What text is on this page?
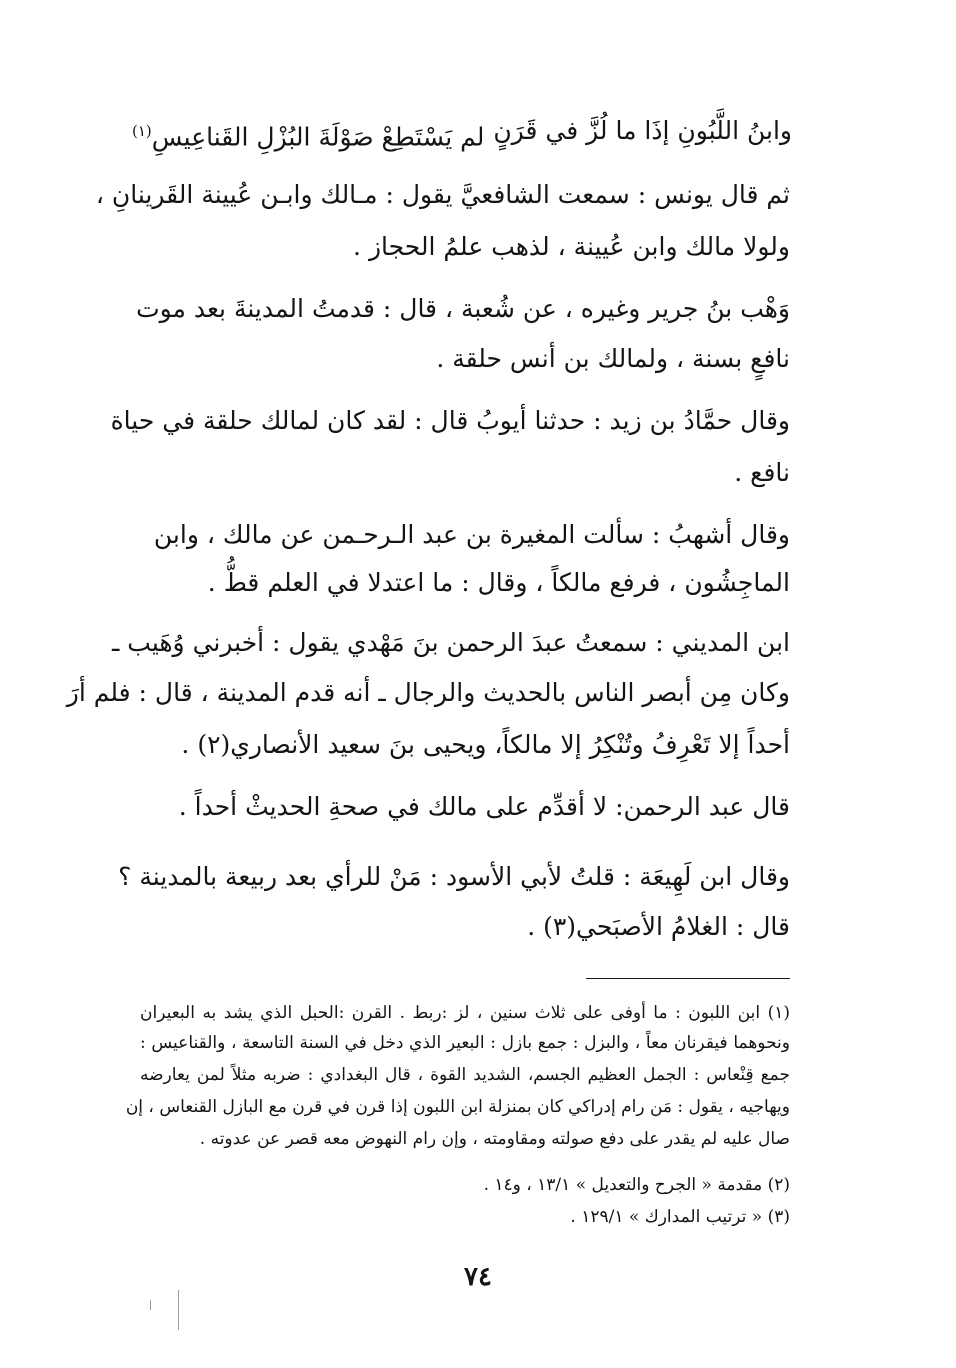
وابنُ اللَّبُونِ إذَا ما لُزَّ في قَرَنٍ
لم يَسْتَطِعْ صَوْلَةَ البُزْلِ القَناعِيسِ$^{(١)}$
ثم قال يونس : سمعت الشافعيَّ يقول : مـالك وابـن عُيينة القَرينانِ ،
ولولا مالك وابن عُيينة ، لذهب علمُ الحجاز .
وَهْب بنُ جرير وغيره ، عن شُعبة ، قال : قدمتُ المدينةَ بعد موت
نافعٍ بسنة ، ولمالك بن أنس حلقة .
وقال حمَّادُ بن زيد : حدثنا أيوبُ قال : لقد كان لمالك حلقة في حياة
نافع .
وقال أشهبُ : سألت المغيرة بن عبد الـرحـمن عن مالك ، وابن
الماجِشُون ، فرفع مالكاً ، وقال : ما اعتدلا في العلم قطُّ .
ابن المديني : سمعتُ عبدَ الرحمن بنَ مَهْدي يقول : أخبرني وُهَيب ـ
وكان مِن أبصر الناس بالحديث والرجال ـ أنه قدم المدينة ، قال : فلم أرَ
أحداً إلا تَعْرِفُ وتُنْكِرُ إلا مالكاً، ويحيى بنَ سعيد الأنصاري(٢) .
قال عبد الرحمن: لا أقدِّم على مالك في صحةِ الحديثْ أحداً .
وقال ابن لَهِيعَة : قلتُ لأبي الأسود : مَنْ للرأي بعد ربيعة بالمدينة ؟
قال : الغلامُ الأصبَحي(٣) .
(١) ابن اللبون : ما أوفى على ثلاث سنين ، لز :ربط . القرن :الحبل الذي يشد به البعيران
ونحوهما فيقرنان معاً ، والبزل : جمع بازل : البعير الذي دخل في السنة التاسعة ، والقناعيس :
جمع قِنْعاس : الجمل العظيم الجسم، الشديد القوة ، قال البغدادي : ضربه مثلاً لمن يعارضه
ويهاجيه ، يقول : مَن رام إدراكي كان بمنزلة ابن اللبون إذا قرن في قرن مع البازل القنعاس ، إن
صال عليه لم يقدر على دفع صولته ومقاومته ، وإن رام النهوض معه قصر عن عدوته .
(٢) مقدمة « الجرح والتعديل » ١٣/١ ، و١٤ .
(٣) « ترتيب المدارك » ١٢٩/١ .
٧٤
